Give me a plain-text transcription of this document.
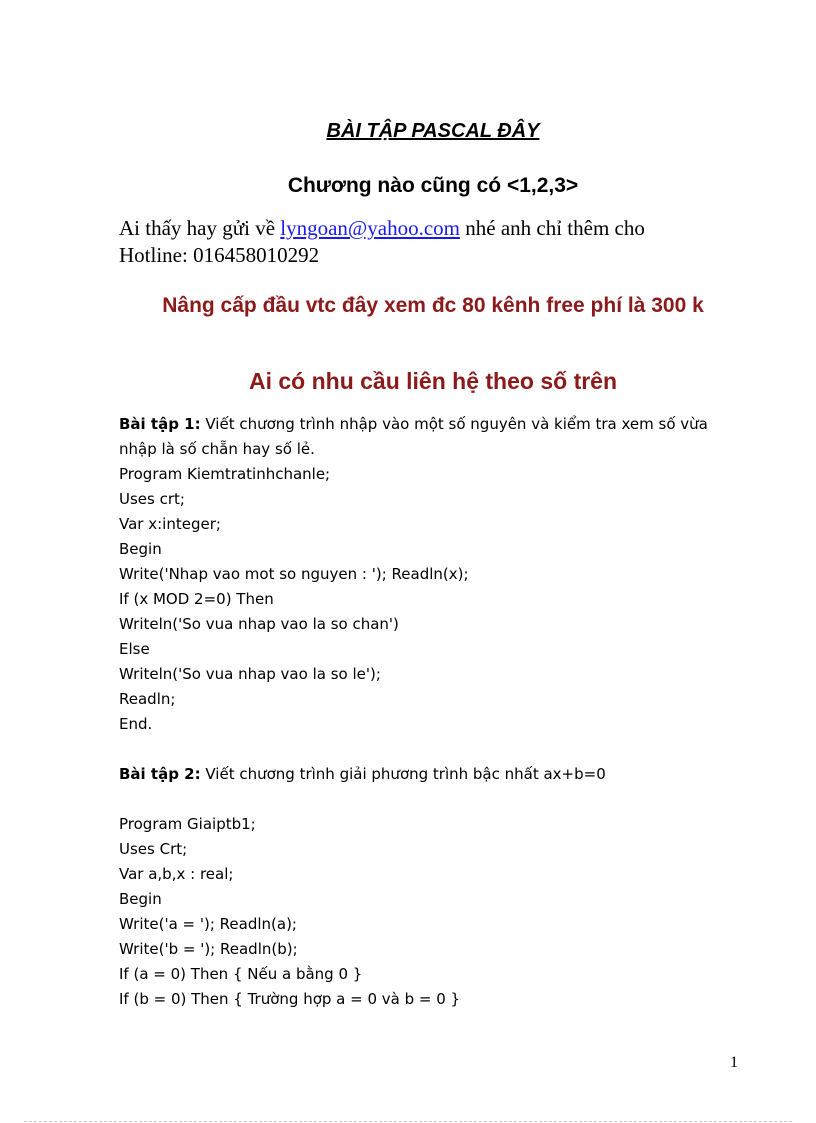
BÀI TẬP PASCAL ĐÂY
Chương nào cũng có <1,2,3>
Ai thấy hay gửi về lyngoan@yahoo.com nhé anh chỉ thêm cho
Hotline: 016458010292
Nâng cấp đầu vtc đây xem đc 80 kênh free phí là 300 k
Ai có nhu cầu liên hệ theo số trên
Bài tập 1: Viết chương trình nhập vào một số nguyên và kiểm tra xem số vừa nhập là số chẵn hay số lẻ.
Program Kiemtratinhchanle;
Uses crt;
Var x:integer;
Begin
Write('Nhap vao mot so nguyen : '); Readln(x);
If (x MOD 2=0) Then
Writeln('So vua nhap vao la so chan')
Else
Writeln('So vua nhap vao la so le');
Readln;
End.
Bài tập 2: Viết chương trình giải phương trình bậc nhất ax+b=0
Program Giaiptb1;
Uses Crt;
Var a,b,x : real;
Begin
Write('a = '); Readln(a);
Write('b = '); Readln(b);
If (a = 0) Then { Nếu a bằng 0 }
If (b = 0) Then { Trường hợp a = 0 và b = 0 }
1
